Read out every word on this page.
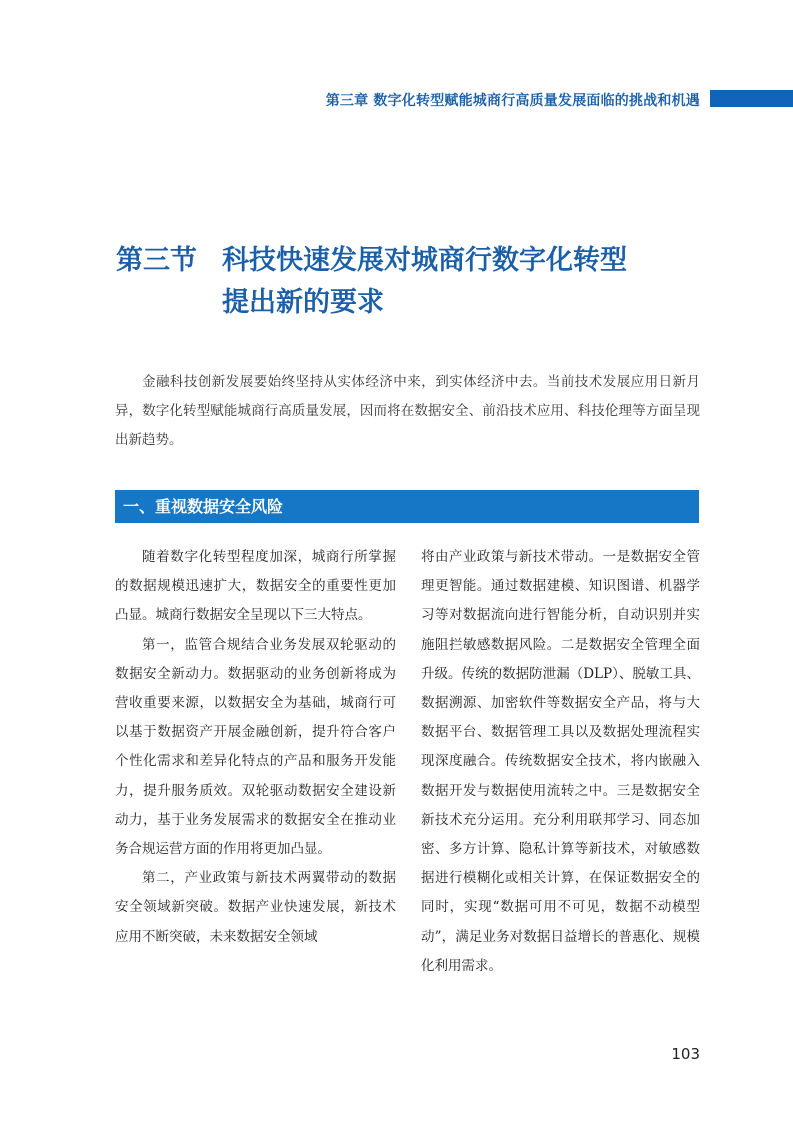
第三章 数字化转型赋能城商行高质量发展面临的挑战和机遇
第三节 科技快速发展对城商行数字化转型
提出新的要求

金融科技创新发展要始终坚持从实体经济中来，到实体经济中去。当前技术发展应用日新月异，数字化转型赋能城商行高质量发展，因而将在数据安全、前沿技术应用、科技伦理等方面呈现出新趋势。

一、重视数据安全风险

随着数字化转型程度加深，城商行所掌握的数据规模迅速扩大，数据安全的重要性更加凸显。城商行数据安全呈现以下三大特点。

第一，监管合规结合业务发展双轮驱动的数据安全新动力。数据驱动的业务创新将成为营收重要来源，以数据安全为基础，城商行可以基于数据资产开展金融创新，提升符合客户个性化需求和差异化特点的产品和服务开发能力，提升服务质效。双轮驱动数据安全建设新动力，基于业务发展需求的数据安全在推动业务合规运营方面的作用将更加凸显。

第二，产业政策与新技术两翼带动的数据安全领域新突破。数据产业快速发展，新技术应用不断突破，未来数据安全领域

将由产业政策与新技术带动。一是数据安全管理更智能。通过数据建模、知识图谱、机器学习等对数据流向进行智能分析，自动识别并实施阻拦敏感数据风险。二是数据安全管理全面升级。传统的数据防泄漏（DLP）、脱敏工具、数据溯源、加密软件等数据安全产品，将与大数据平台、数据管理工具以及数据处理流程实现深度融合。传统数据安全技术，将内嵌融入数据开发与数据使用流转之中。三是数据安全新技术充分运用。充分利用联邦学习、同态加密、多方计算、隐私计算等新技术，对敏感数据进行模糊化或相关计算，在保证数据安全的同时，实现“数据可用不可见，数据不动模型动”，满足业务对数据日益增长的普惠化、规模化利用需求。

103
